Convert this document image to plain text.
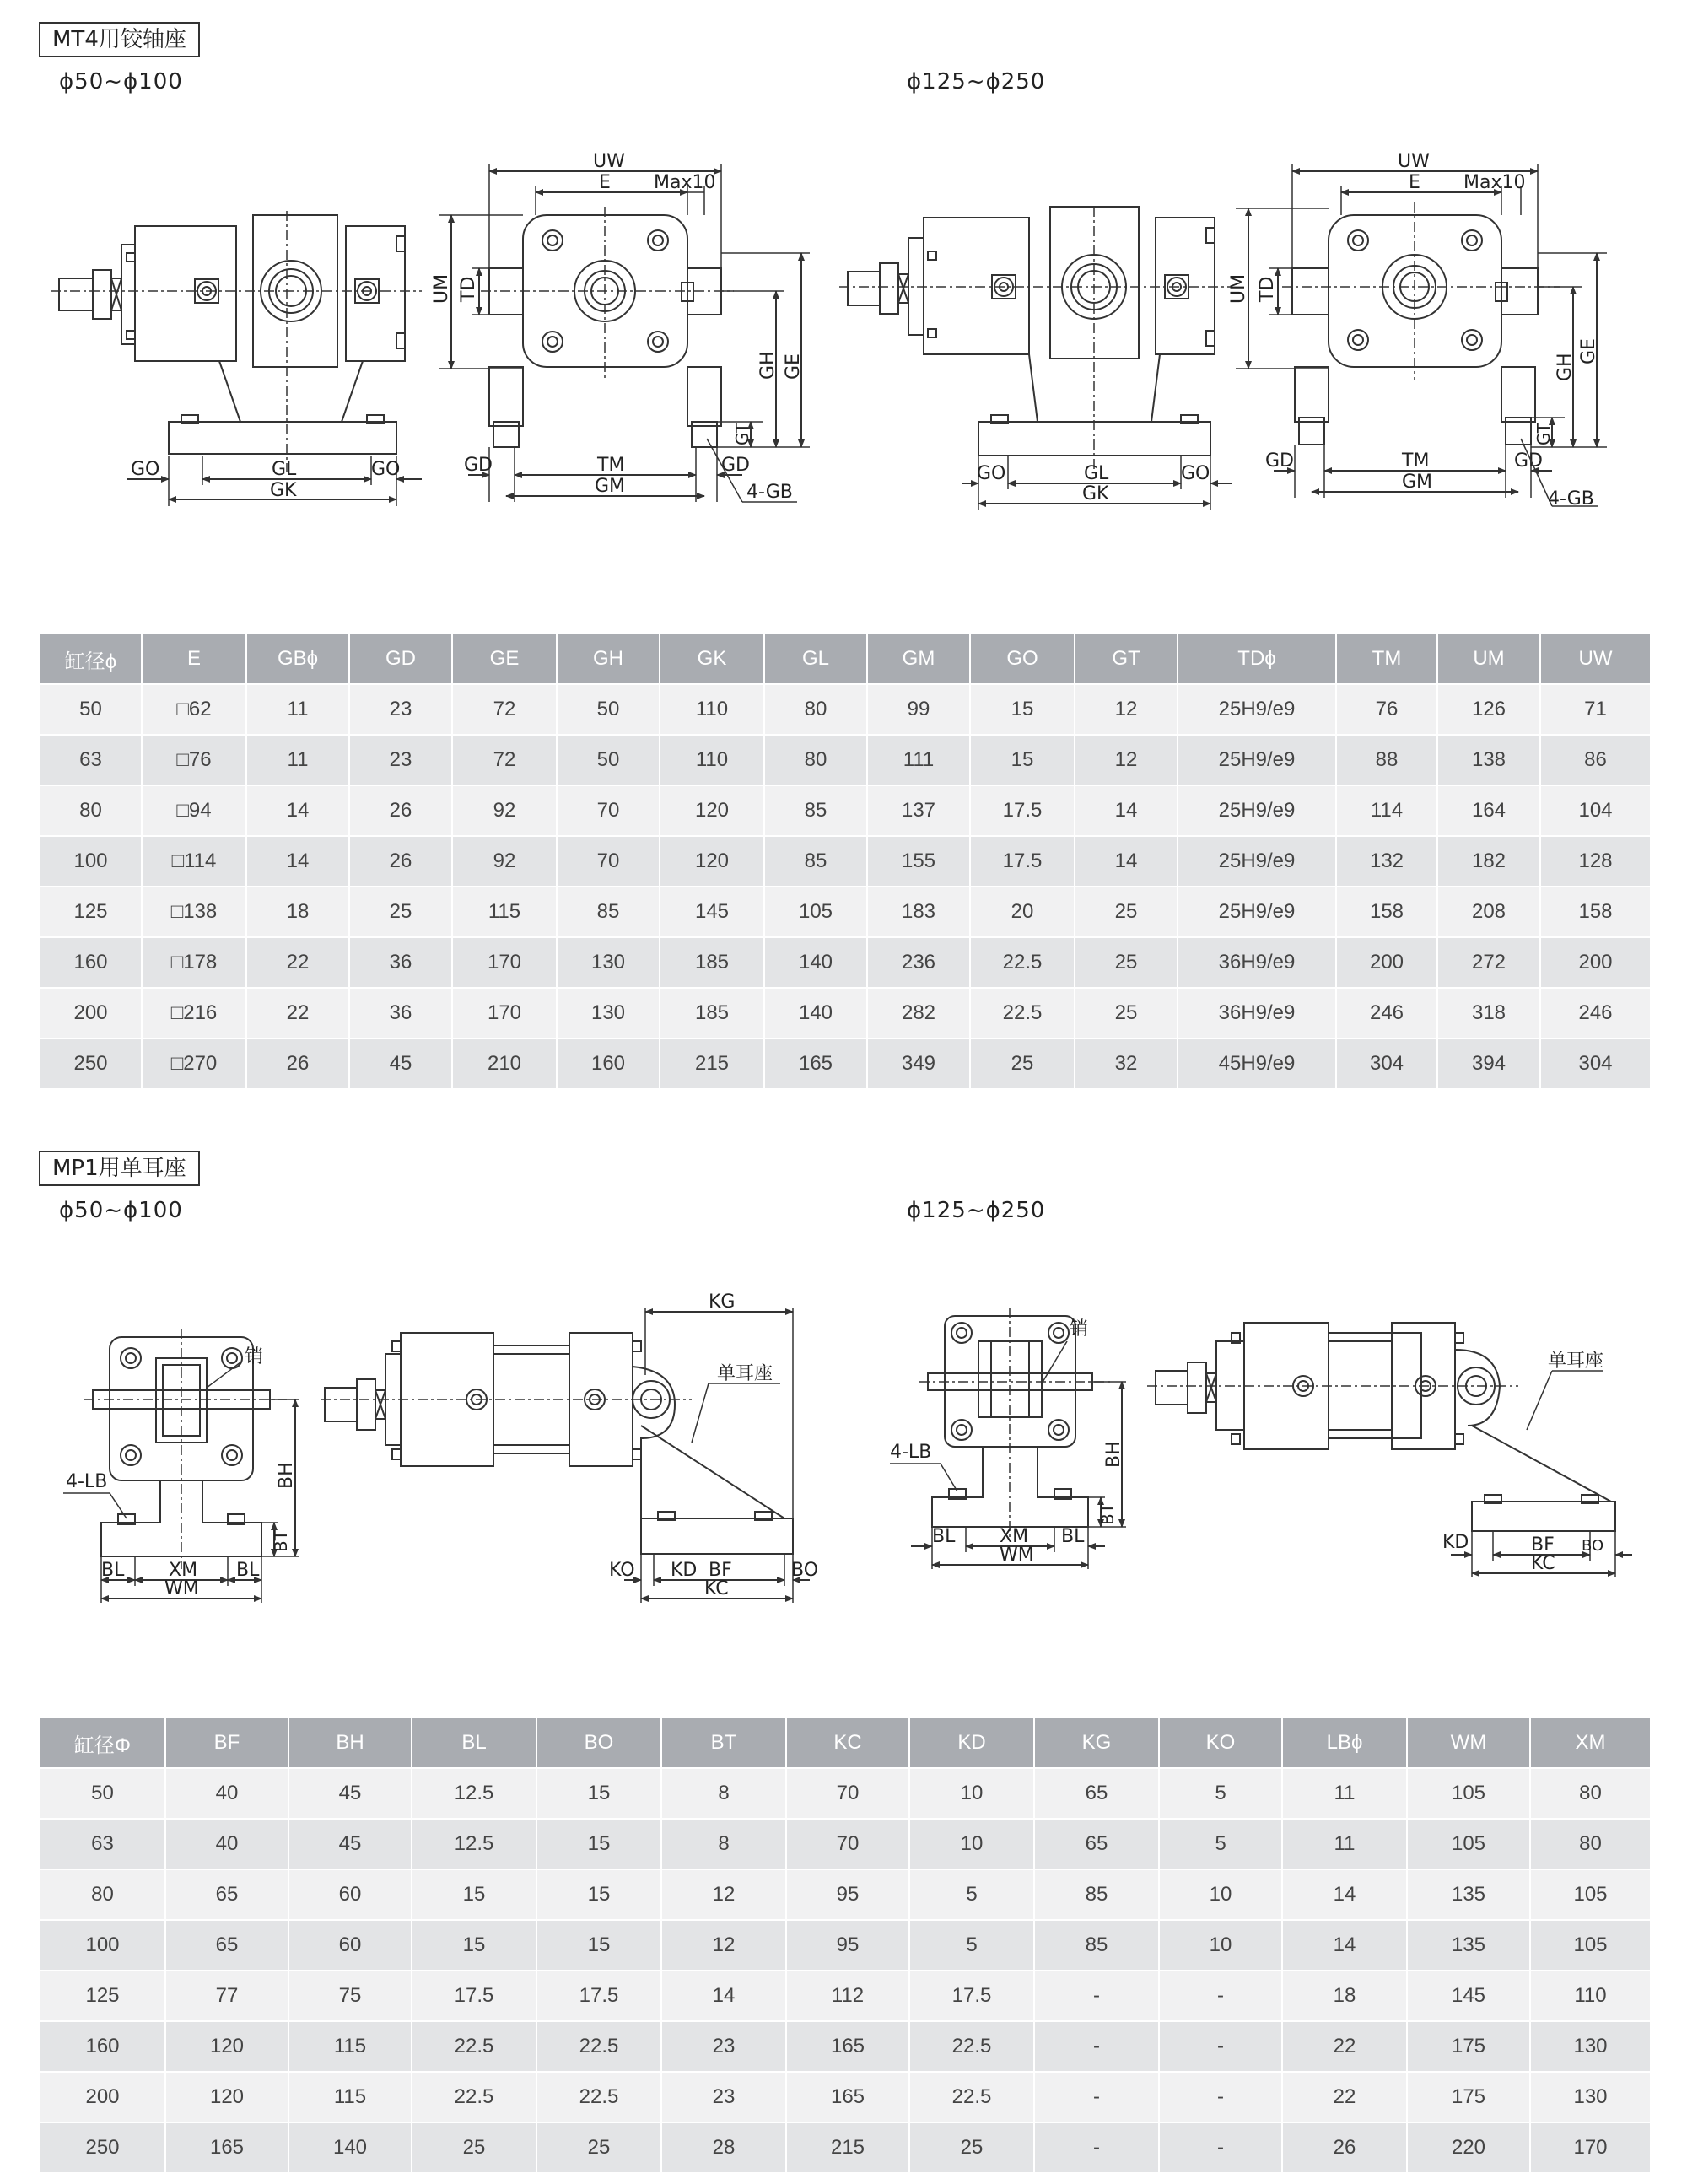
MT4用铰轴座
ϕ50~ϕ100	ϕ125~ϕ250
GO	GL	GO
GK
UW
E Max10
UM TD
GH GE
GT
GD	TM	GD
GM	4-GB
GO	GL	GO
GK
UW
E Max10
UM TD
GH
GE
GT
GD	TM	GD
GM
4-GB
缸径ϕ	E	GBϕ	GD	GE	GH	GK	GL	GM	GO	GT	TDϕ	TM	UM	UW
50	□62	11	23	72	50	110	80	99	15	12	25H9/e9	76	126	71
63	□76	11	23	72	50	110	80	111	15	12	25H9/e9	88	138	86
80	□94	14	26	92	70	120	85	137	17.5	14	25H9/e9	114	164	104
100	□114	14	26	92	70	120	85	155	17.5	14	25H9/e9	132	182	128
125	□138	18	25	115	85	145	105	183	20	25	25H9/e9	158	208	158
160	□178	22	36	170	130	185	140	236	22.5	25	36H9/e9	200	272	200
200	□216	22	36	170	130	185	140	282	22.5	25	36H9/e9	246	318	246
250	□270	26	45	210	160	215	165	349	25	32	45H9/e9	304	394	304
MP1用单耳座
ϕ50~ϕ100	ϕ125~ϕ250
BH
BT
销
4-LB
BL XM BL
WM
KG
单耳座
KO KD BF	BO
KC
BH
BT
销
4-LB
BL XM BL
WM
单耳座
KD	BF BO
KC
缸径Φ	BF	BH	BL	BO	BT	KC	KD	KG	KO	LBϕ	WM	XM
50	40	45	12.5	15	8	70	10	65	5	11	105	80
63	40	45	12.5	15	8	70	10	65	5	11	105	80
80	65	60	15	15	12	95	5	85	10	14	135	105
100	65	60	15	15	12	95	5	85	10	14	135	105
125	77	75	17.5	17.5	14	112	17.5	-	-	18	145	110
160	120	115	22.5	22.5	23	165	22.5	-	-	22	175	130
200	120	115	22.5	22.5	23	165	22.5	-	-	22	175	130
250	165	140	25	25	28	215	25	-	-	26	220	170
